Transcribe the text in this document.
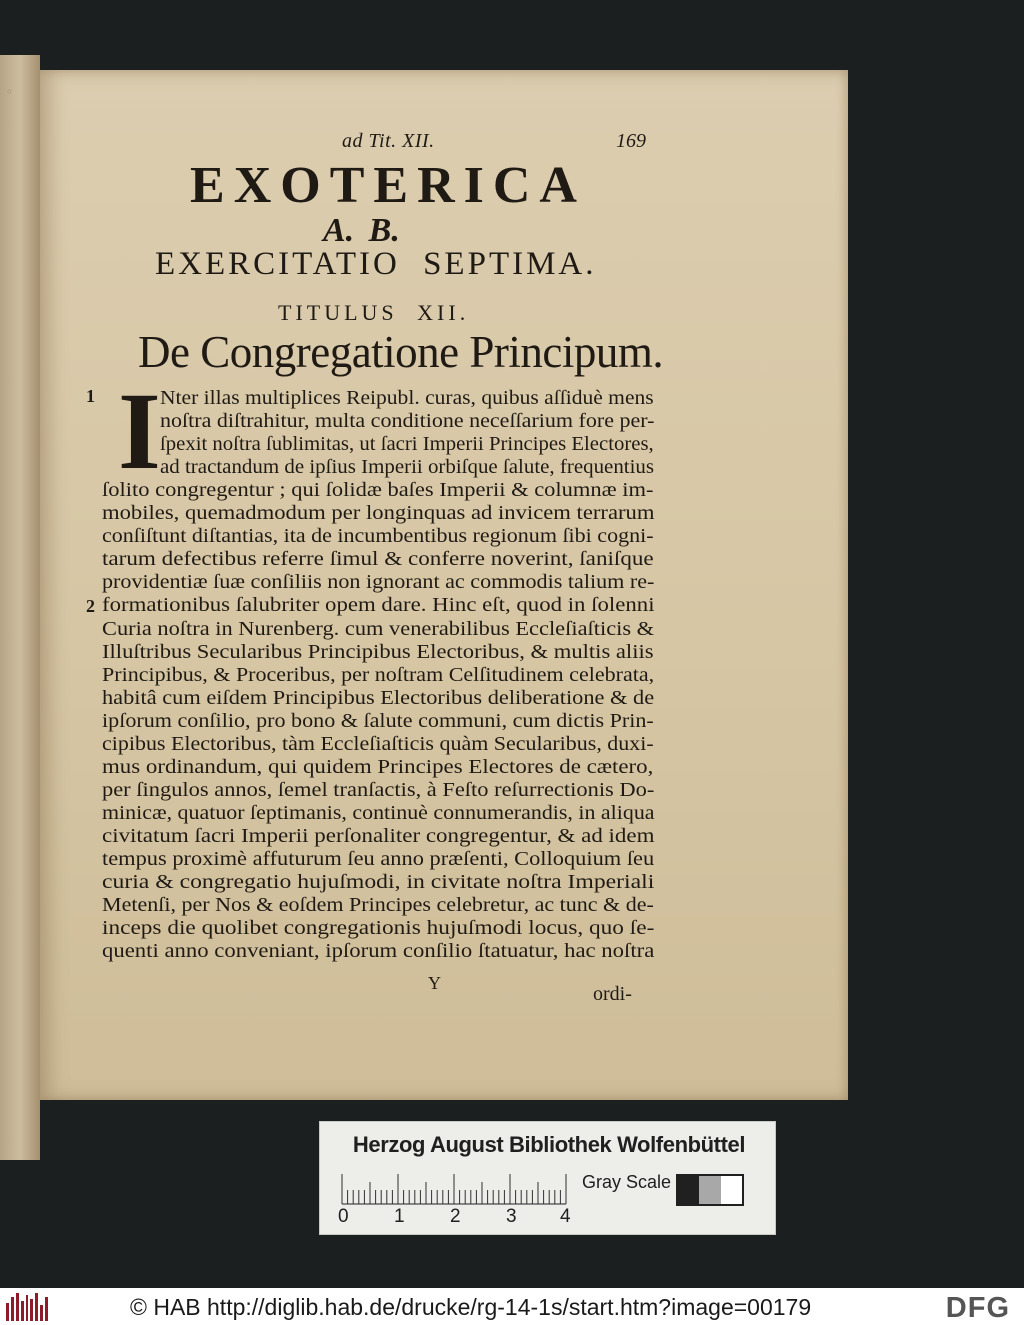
◦
ad Tit. XII.	169
EXOTERICA
A. B.
EXERCITATIO SEPTIMA.
TITULUS XII.
De Congregatione Principum.
1
2
I Nter illas multiplices Reipubl. curas, quibus aſſiduè mens
noſtra diſtrahitur, multa conditione neceſſarium fore per-
ſpexit noſtra ſublimitas, ut ſacri Imperii Principes Electores,
ad tractandum de ipſius Imperii orbiſque ſalute, frequentius
ſolito congregentur ; qui ſolidæ baſes Imperii & columnæ im-
mobiles, quemadmodum per longinquas ad invicem terrarum
conſiſtunt diſtantias, ita de incumbentibus regionum ſibi cogni-
tarum defectibus referre ſimul & conferre noverint, ſaniſque
providentiæ ſuæ conſiliis non ignorant ac commodis talium re-
formationibus ſalubriter opem dare. Hinc eſt, quod in ſolenni
Curia noſtra in Nurenberg. cum venerabilibus Eccleſiaſticis &
Illuſtribus Secularibus Principibus Electoribus, & multis aliis
Principibus, & Proceribus, per noſtram Celſitudinem celebrata,
habitâ cum eiſdem Principibus Electoribus deliberatione & de
ipſorum conſilio, pro bono & ſalute communi, cum dictis Prin-
cipibus Electoribus, tàm Eccleſiaſticis quàm Secularibus, duxi-
mus ordinandum, qui quidem Principes Electores de cætero,
per ſingulos annos, ſemel tranſactis, à Feſto reſurrectionis Do-
minicæ, quatuor ſeptimanis, continuè connumerandis, in aliqua
civitatum ſacri Imperii perſonaliter congregentur, & ad idem
tempus proximè affuturum ſeu anno præſenti, Colloquium ſeu
curia & congregatio hujuſmodi, in civitate noſtra Imperiali
Metenſi, per Nos & eoſdem Principes celebretur, ac tunc & de-
inceps die quolibet congregationis hujuſmodi locus, quo ſe-
quenti anno conveniant, ipſorum conſilio ſtatuatur, hac noſtra
Y	ordi-
Herzog August Bibliothek Wolfenbüttel
0 1 2 3 4
Gray Scale
© HAB http://diglib.hab.de/drucke/rg-14-1s/start.htm?image=00179	DFG
